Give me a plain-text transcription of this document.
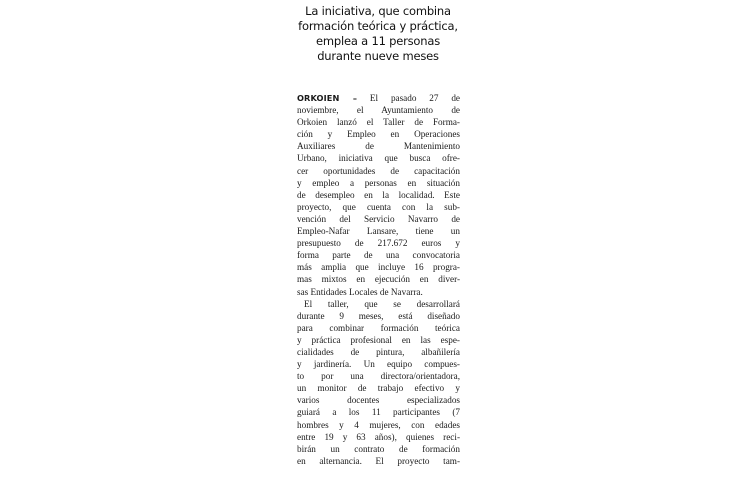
La iniciativa, que combina
formación teórica y práctica,
emplea a 11 personas
durante nueve meses
ORKOIEN – El pasado 27 de
noviembre, el Ayuntamiento de
Orkoien lanzó el Taller de Forma-
ción y Empleo en Operaciones
Auxiliares de Mantenimiento
Urbano, iniciativa que busca ofre-
cer oportunidades de capacitación
y empleo a personas en situación
de desempleo en la localidad. Este
proyecto, que cuenta con la sub-
vención del Servicio Navarro de
Empleo-Nafar Lansare, tiene un
presupuesto de 217.672 euros y
forma parte de una convocatoria
más amplia que incluye 16 progra-
mas mixtos en ejecución en diver-
sas Entidades Locales de Navarra.
El taller, que se desarrollará
durante 9 meses, está diseñado
para combinar formación teórica
y práctica profesional en las espe-
cialidades de pintura, albañilería
y jardinería. Un equipo compues-
to por una directora/orientadora,
un monitor de trabajo efectivo y
varios docentes especializados
guiará a los 11 participantes (7
hombres y 4 mujeres, con edades
entre 19 y 63 años), quienes reci-
birán un contrato de formación
en alternancia. El proyecto tam-
